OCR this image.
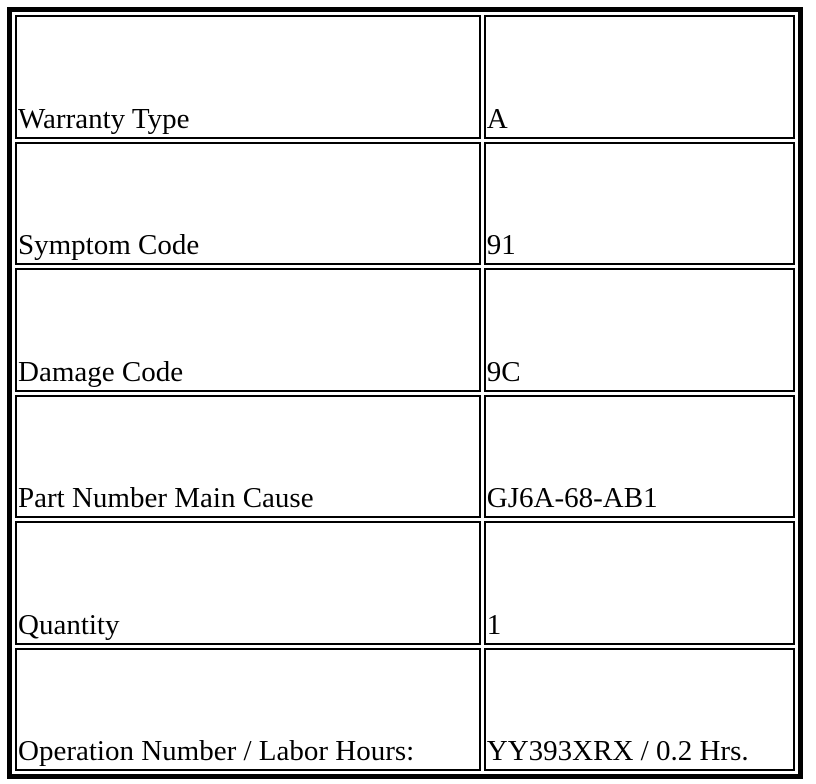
Warranty Type	A
Symptom Code	91
Damage Code	9C
Part Number Main Cause	GJ6A-68-AB1
Quantity	1
Operation Number / Labor Hours:	YY393XRX / 0.2 Hrs.
